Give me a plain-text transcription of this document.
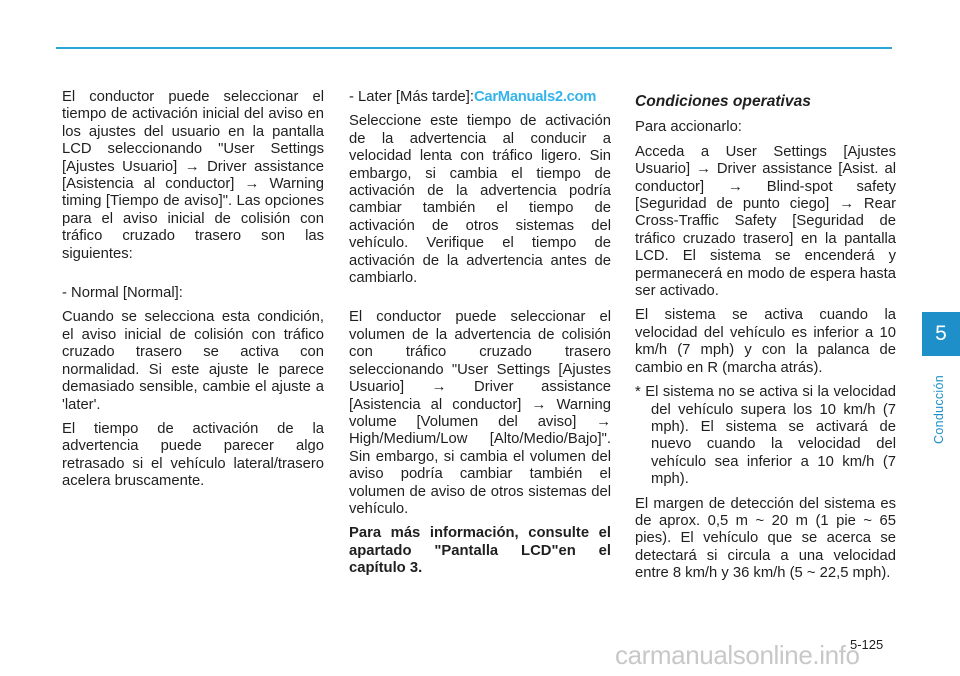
El conductor puede seleccionar el tiempo de activación inicial del aviso en los ajustes del usuario en la pantalla LCD seleccionando "User Settings [Ajustes Usuario] → Driver assistance [Asistencia al conductor] → Warning timing [Tiempo de aviso]". Las opciones para el aviso inicial de colisión con tráfico cruzado trasero son las siguientes:

- Normal [Normal]:

Cuando se selecciona esta condición, el aviso inicial de colisión con tráfico cruzado trasero se activa con normalidad. Si este ajuste le parece demasiado sensible, cambie el ajuste a 'later'.

El tiempo de activación de la advertencia puede parecer algo retrasado si el vehículo lateral/trasero acelera bruscamente.

- Later [Más tarde]:CarManuals2.com

Seleccione este tiempo de activación de la advertencia al conducir a velocidad lenta con tráfico ligero. Sin embargo, si cambia el tiempo de activación de la advertencia podría cambiar también el tiempo de activación de otros sistemas del vehículo. Verifique el tiempo de activación de la advertencia antes de cambiarlo.

El conductor puede seleccionar el volumen de la advertencia de colisión con tráfico cruzado trasero seleccionando "User Settings [Ajustes Usuario] → Driver assistance [Asistencia al conductor] → Warning volume [Volumen del aviso] → High/Medium/Low [Alto/Medio/Bajo]". Sin embargo, si cambia el volumen del aviso podría cambiar también el volumen de aviso de otros sistemas del vehículo.

Para más información, consulte el apartado "Pantalla LCD"en el capítulo 3.

Condiciones operativas

Para accionarlo:

Acceda a User Settings [Ajustes Usuario] → Driver assistance [Asist. al conductor] → Blind-spot safety [Seguridad de punto ciego] → Rear Cross-Traffic Safety [Seguridad de tráfico cruzado trasero] en la pantalla LCD. El sistema se encenderá y permanecerá en modo de espera hasta ser activado.

El sistema se activa cuando la velocidad del vehículo es inferior a 10 km/h (7 mph) y con la palanca de cambio en R (marcha atrás).

* El sistema no se activa si la velocidad del vehículo supera los 10 km/h (7 mph). El sistema se activará de nuevo cuando la velocidad del vehículo sea inferior a 10 km/h (7 mph).

El margen de detección del sistema es de aprox. 0,5 m ~ 20 m (1 pie ~ 65 pies). El vehículo que se acerca se detectará si circula a una velocidad entre 8 km/h y 36 km/h (5 ~ 22,5 mph).

5
Conducción
5-125
carmanualsonline.info
